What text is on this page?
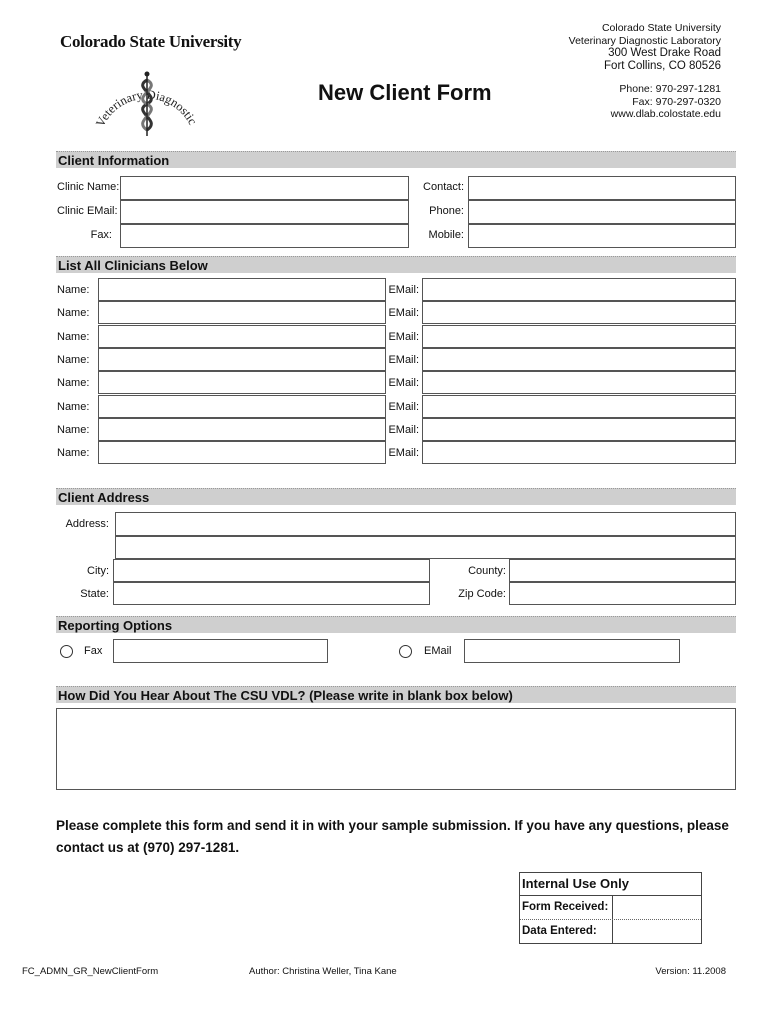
Colorado State University
Veterinary Diagnostic
New Client Form
Colorado State University
Veterinary Diagnostic Laboratory
300 West Drake Road
Fort Collins, CO 80526
Phone: 970-297-1281
Fax: 970-297-0320
www.dlab.colostate.edu
Client Information
Clinic Name:	Contact:
Clinic EMail:	Phone:
Fax:	Mobile:
List All Clinicians Below
Name:	EMail:
Name:	EMail:
Name:	EMail:
Name:	EMail:
Name:	EMail:
Name:	EMail:
Name:	EMail:
Name:	EMail:
Client Address
Address:
City:	County:
State:	Zip Code:
Reporting Options
Fax	EMail
How Did You Hear About The CSU VDL? (Please write in blank box below)
Please complete this form and send it in with your sample submission. If you have any questions, please contact us at (970) 297-1281.
Internal Use Only
Form Received:
Data Entered:
FC_ADMN_GR_NewClientForm	Author: Christina Weller, Tina Kane	Version: 11.2008
